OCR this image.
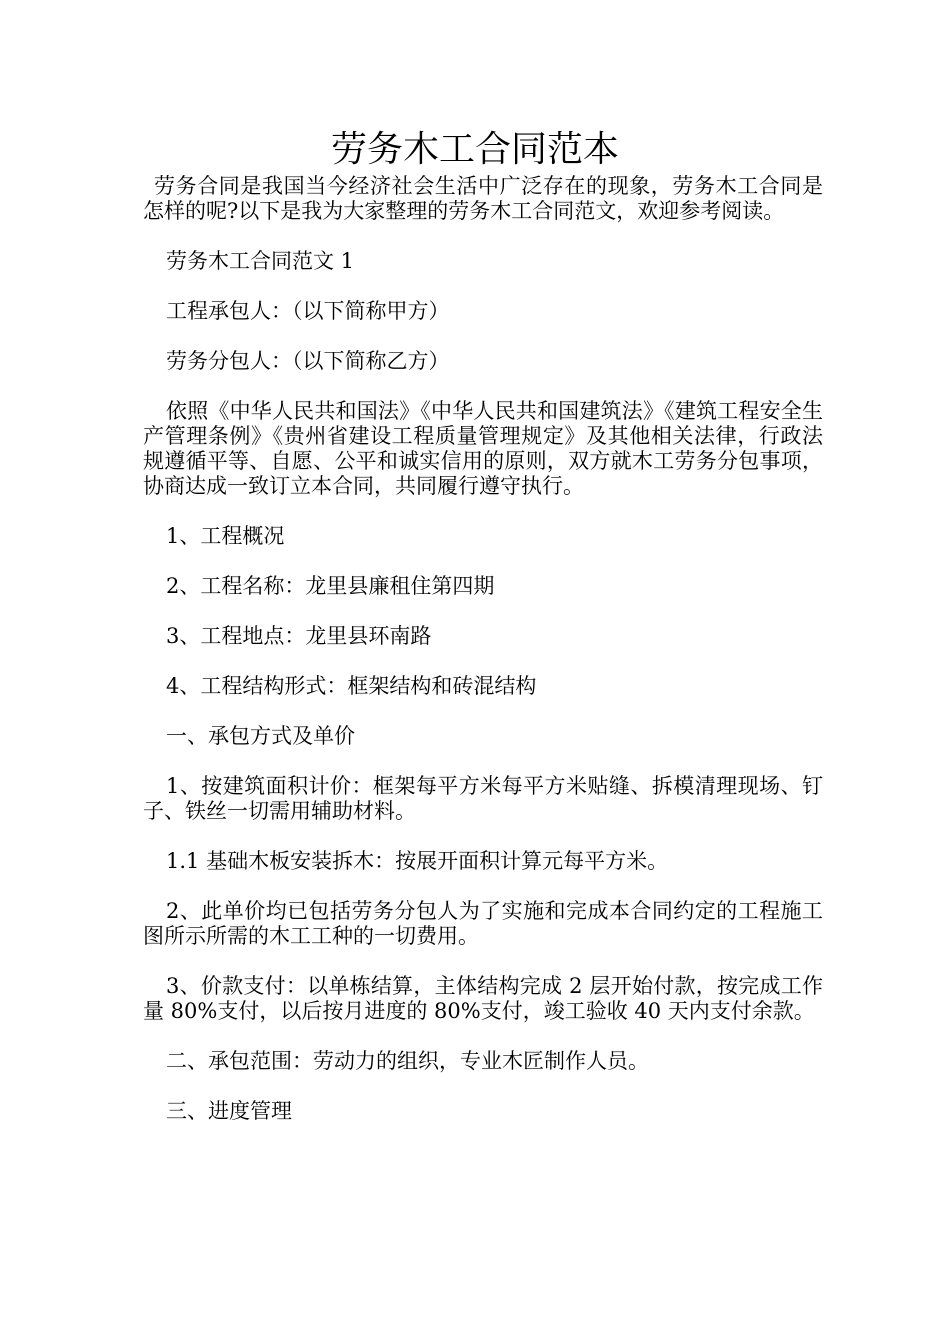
劳务木工合同范本

劳务合同是我国当今经济社会生活中广泛存在的现象，劳务木工合同是怎样的呢?以下是我为大家整理的劳务木工合同范文，欢迎参考阅读。

劳务木工合同范文 1

工程承包人：（以下简称甲方）

劳务分包人：（以下简称乙方）

依照《中华人民共和国法》《中华人民共和国建筑法》《建筑工程安全生产管理条例》《贵州省建设工程质量管理规定》及其他相关法律，行政法规遵循平等、自愿、公平和诚实信用的原则，双方就木工劳务分包事项，协商达成一致订立本合同，共同履行遵守执行。

1、工程概况

2、工程名称：龙里县廉租住第四期

3、工程地点：龙里县环南路

4、工程结构形式：框架结构和砖混结构

一、承包方式及单价

1、按建筑面积计价：框架每平方米每平方米贴缝、拆模清理现场、钉子、铁丝一切需用辅助材料。

1.1 基础木板安装拆木：按展开面积计算元每平方米。

2、此单价均已包括劳务分包人为了实施和完成本合同约定的工程施工图所示所需的木工工种的一切费用。

3、价款支付：以单栋结算，主体结构完成 2 层开始付款，按完成工作量 80%支付，以后按月进度的 80%支付，竣工验收 40 天内支付余款。

二、承包范围：劳动力的组织，专业木匠制作人员。

三、进度管理
